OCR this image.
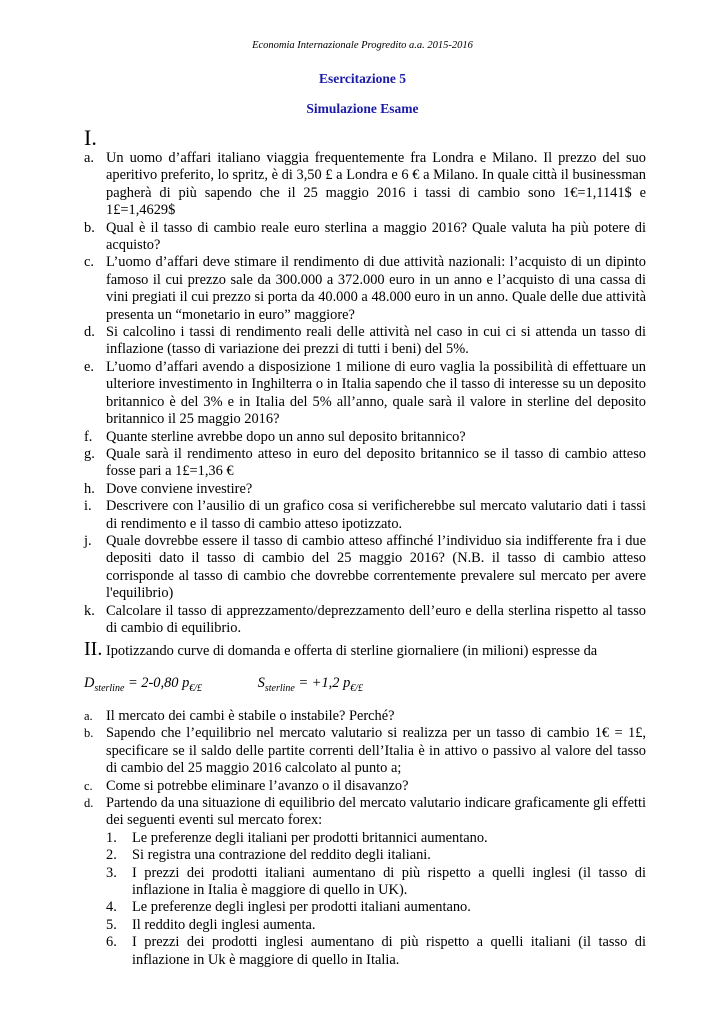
Economia Internazionale Progredito a.a. 2015-2016
Esercitazione 5
Simulazione Esame
I.
a. Un uomo d’affari italiano viaggia frequentemente fra Londra e Milano. Il prezzo del suo aperitivo preferito, lo spritz, è di 3,50 £ a Londra e 6 € a Milano. In quale città il businessman pagherà di più sapendo che il 25 maggio 2016 i tassi di cambio sono 1€=1,1141$ e 1£=1,4629$
b. Qual è il tasso di cambio reale euro sterlina a maggio 2016? Quale valuta ha più potere di acquisto?
c. L’uomo d’affari deve stimare il rendimento di due attività nazionali: l’acquisto di un dipinto famoso il cui prezzo sale da 300.000 a 372.000 euro in un anno e l’acquisto di una cassa di vini pregiati il cui prezzo si porta da 40.000 a 48.000 euro in un anno. Quale delle due attività presenta un “monetario in euro” maggiore?
d. Si calcolino i tassi di rendimento reali delle attività nel caso in cui ci si attenda un tasso di inflazione (tasso di variazione dei prezzi di tutti i beni) del 5%.
e. L’uomo d’affari avendo a disposizione 1 milione di euro vaglia la possibilità di effettuare un ulteriore investimento in Inghilterra o in Italia sapendo che il tasso di interesse su un deposito britannico è del 3% e in Italia del 5% all’anno, quale sarà il valore in sterline del deposito britannico il 25 maggio 2016?
f. Quante sterline avrebbe dopo un anno sul deposito britannico?
g. Quale sarà il rendimento atteso in euro del deposito britannico se il tasso di cambio atteso fosse pari a 1£=1,36 €
h. Dove conviene investire?
i. Descrivere con l’ausilio di un grafico cosa si verificherebbe sul mercato valutario dati i tassi di rendimento e il tasso di cambio atteso ipotizzato.
j. Quale dovrebbe essere il tasso di cambio atteso affinché l’individuo sia indifferente fra i due depositi dato il tasso di cambio del 25 maggio 2016? (N.B. il tasso di cambio atteso corrisponde al tasso di cambio che dovrebbe correntemente prevalere sul mercato per avere l'equilibrio)
k. Calcolare il tasso di apprezzamento/deprezzamento dell’euro e della sterlina rispetto al tasso di cambio di equilibrio.
II. Ipotizzando curve di domanda e offerta di sterline giornaliere (in milioni) espresse da
$D_{sterline} = 2-0,80$ $p_{€/£}$	$S_{sterline} = +1,2$ $p_{€/£}$
a. Il mercato dei cambi è stabile o instabile? Perché?
b. Sapendo che l’equilibrio nel mercato valutario si realizza per un tasso di cambio 1€ = 1£, specificare se il saldo delle partite correnti dell’Italia è in attivo o passivo al valore del tasso di cambio del 25 maggio 2016 calcolato al punto a;
c. Come si potrebbe eliminare l’avanzo o il disavanzo?
d. Partendo da una situazione di equilibrio del mercato valutario indicare graficamente gli effetti dei seguenti eventi sul mercato forex:
1.	Le preferenze degli italiani per prodotti britannici aumentano.
2.	Si registra una contrazione del reddito degli italiani.
3.	I prezzi dei prodotti italiani aumentano di più rispetto a quelli inglesi (il tasso di inflazione in Italia è maggiore di quello in UK).
4.	Le preferenze degli inglesi per prodotti italiani aumentano.
5.	Il reddito degli inglesi aumenta.
6.	I prezzi dei prodotti inglesi aumentano di più rispetto a quelli italiani (il tasso di inflazione in Uk è maggiore di quello in Italia.
